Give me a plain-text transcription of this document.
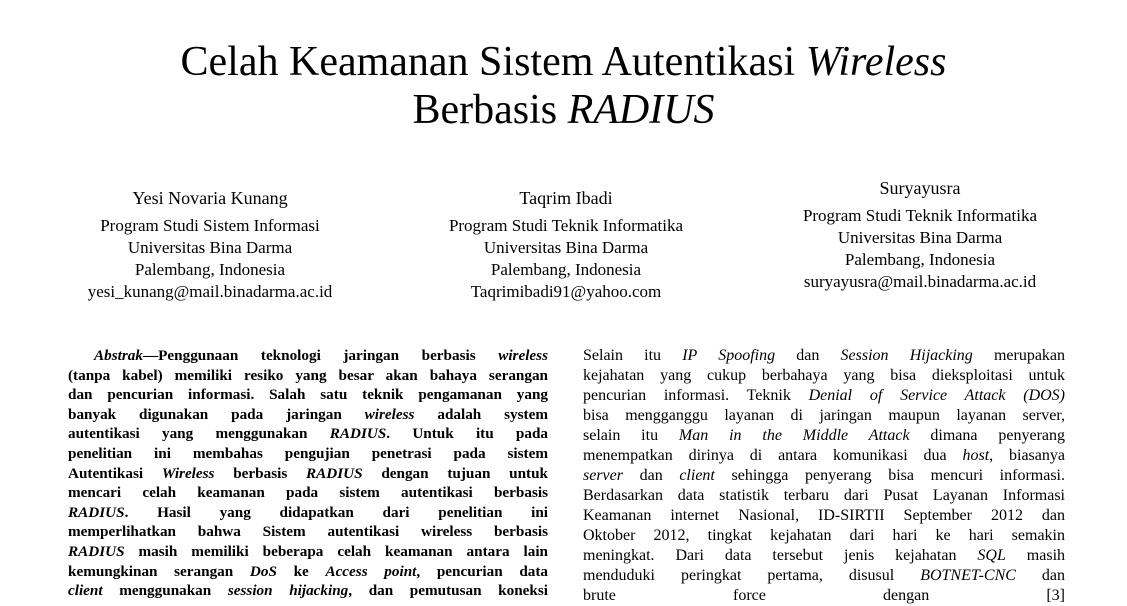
Celah Keamanan Sistem Autentikasi Wireless
Berbasis RADIUS
Yesi Novaria Kunang
Program Studi Sistem Informasi
Universitas Bina Darma
Palembang, Indonesia
yesi_kunang@mail.binadarma.ac.id
Taqrim Ibadi
Program Studi Teknik Informatika
Universitas Bina Darma
Palembang, Indonesia
Taqrimibadi91@yahoo.com
Suryayusra
Program Studi Teknik Informatika
Universitas Bina Darma
Palembang, Indonesia
suryayusra@mail.binadarma.ac.id
Abstrak—Penggunaan teknologi jaringan berbasis wireless
(tanpa kabel) memiliki resiko yang besar akan bahaya serangan
dan pencurian informasi. Salah satu teknik pengamanan yang
banyak digunakan pada jaringan wireless adalah system
autentikasi yang menggunakan RADIUS. Untuk itu pada
penelitian ini membahas pengujian penetrasi pada sistem
Autentikasi Wireless berbasis RADIUS dengan tujuan untuk
mencari celah keamanan pada sistem autentikasi berbasis
RADIUS. Hasil yang didapatkan dari penelitian ini
memperlihatkan bahwa Sistem autentikasi wireless berbasis
RADIUS masih memiliki beberapa celah keamanan antara lain
kemungkinan serangan DoS ke Access point, pencurian data
client menggunakan session hijacking, dan pemutusan koneksi
Selain itu IP Spoofing dan Session Hijacking merupakan
kejahatan yang cukup berbahaya yang bisa dieksploitasi untuk
pencurian informasi. Teknik Denial of Service Attack (DOS)
bisa mengganggu layanan di jaringan maupun layanan server,
selain itu Man in the Middle Attack dimana penyerang
menempatkan dirinya di antara komunikasi dua host, biasanya
server dan client sehingga penyerang bisa mencuri informasi.
Berdasarkan data statistik terbaru dari Pusat Layanan Informasi
Keamanan internet Nasional, ID-SIRTII September 2012 dan
Oktober 2012, tingkat kejahatan dari hari ke hari semakin
meningkat. Dari data tersebut jenis kejahatan SQL masih
menduduki peringkat pertama, disusul BOTNET-CNC dan
brute force dengan [3]
